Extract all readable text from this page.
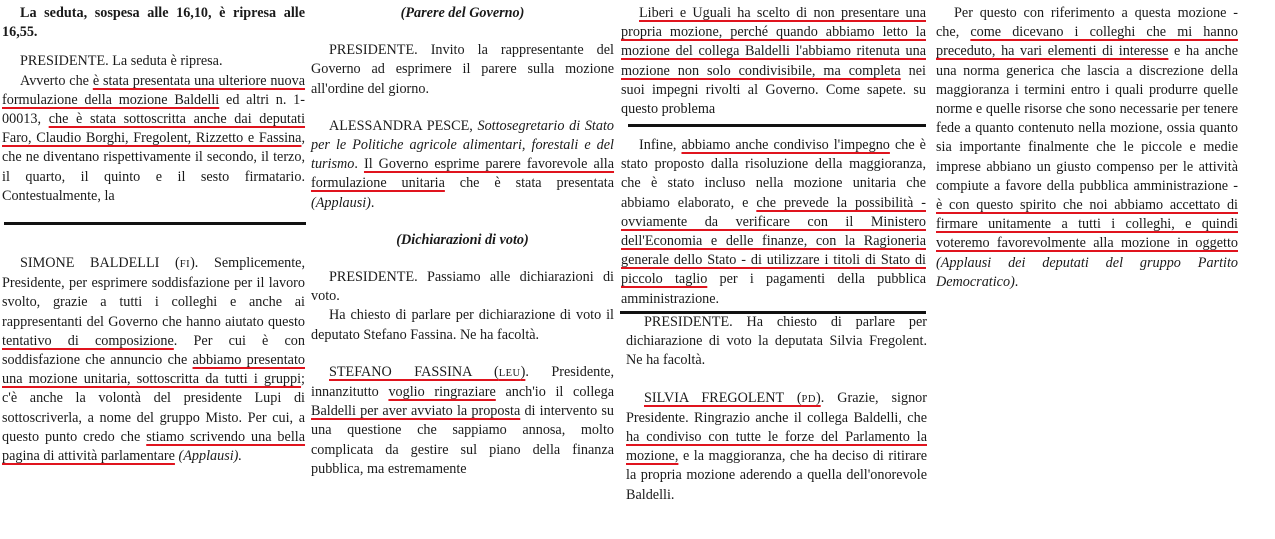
La seduta, sospesa alle 16,10, è ripresa alle 16,55.

PRESIDENTE. La seduta è ripresa.

Avverto che è stata presentata una ulteriore nuova formulazione della mozione Baldelli ed altri n. 1-00013, che è stata sottoscritta anche dai deputati Faro, Claudio Borghi, Fregolent, Rizzetto e Fassina, che ne diventano rispettivamente il secondo, il terzo, il quarto, il quinto e il sesto firmatario. Contestualmente, la

SIMONE BALDELLI (FI). Semplicemente, Presidente, per esprimere soddisfazione per il lavoro svolto, grazie a tutti i colleghi e anche ai rappresentanti del Governo che hanno aiutato questo tentativo di composizione. Per cui è con soddisfazione che annuncio che abbiamo presentato una mozione unitaria, sottoscritta da tutti i gruppi; c'è anche la volontà del presidente Lupi di sottoscriverla, a nome del gruppo Misto. Per cui, a questo punto credo che stiamo scrivendo una bella pagina di attività parlamentare (Applausi).

(Parere del Governo)

PRESIDENTE. Invito la rappresentante del Governo ad esprimere il parere sulla mozione all'ordine del giorno.

ALESSANDRA PESCE, Sottosegretario di Stato per le Politiche agricole alimentari, forestali e del turismo. Il Governo esprime parere favorevole alla formulazione unitaria che è stata presentata (Applausi).

(Dichiarazioni di voto)

PRESIDENTE. Passiamo alle dichiarazioni di voto.

Ha chiesto di parlare per dichiarazione di voto il deputato Stefano Fassina. Ne ha facoltà.

STEFANO FASSINA (LEU). Presidente, innanzitutto voglio ringraziare anch'io il collega Baldelli per aver avviato la proposta di intervento su una questione che sappiamo annosa, molto complicata da gestire sul piano della finanza pubblica, ma estremamente

Liberi e Uguali ha scelto di non presentare una propria mozione, perché quando abbiamo letto la mozione del collega Baldelli l'abbiamo ritenuta una mozione non solo condivisibile, ma completa nei suoi impegni rivolti al Governo. Come sapete. su questo problema

Infine, abbiamo anche condiviso l'impegno che è stato proposto dalla risoluzione della maggioranza, che è stato incluso nella mozione unitaria che abbiamo elaborato, e che prevede la possibilità - ovviamente da verificare con il Ministero dell'Economia e delle finanze, con la Ragioneria generale dello Stato - di utilizzare i titoli di Stato di piccolo taglio per i pagamenti della pubblica amministrazione.

PRESIDENTE. Ha chiesto di parlare per dichiarazione di voto la deputata Silvia Fregolent. Ne ha facoltà.

SILVIA FREGOLENT (PD). Grazie, signor Presidente. Ringrazio anche il collega Baldelli, che ha condiviso con tutte le forze del Parlamento la mozione, e la maggioranza, che ha deciso di ritirare la propria mozione aderendo a quella dell'onorevole Baldelli.

Per questo con riferimento a questa mozione - che, come dicevano i colleghi che mi hanno preceduto, ha vari elementi di interesse e ha anche una norma generica che lascia a discrezione della maggioranza i termini entro i quali produrre quelle norme e quelle risorse che sono necessarie per tenere fede a quanto contenuto nella mozione, ossia quanto sia importante finalmente che le piccole e medie imprese abbiano un giusto compenso per le attività compiute a favore della pubblica amministrazione - è con questo spirito che noi abbiamo accettato di firmare unitamente a tutti i colleghi, e quindi voteremo favorevolmente alla mozione in oggetto (Applausi dei deputati del gruppo Partito Democratico).
